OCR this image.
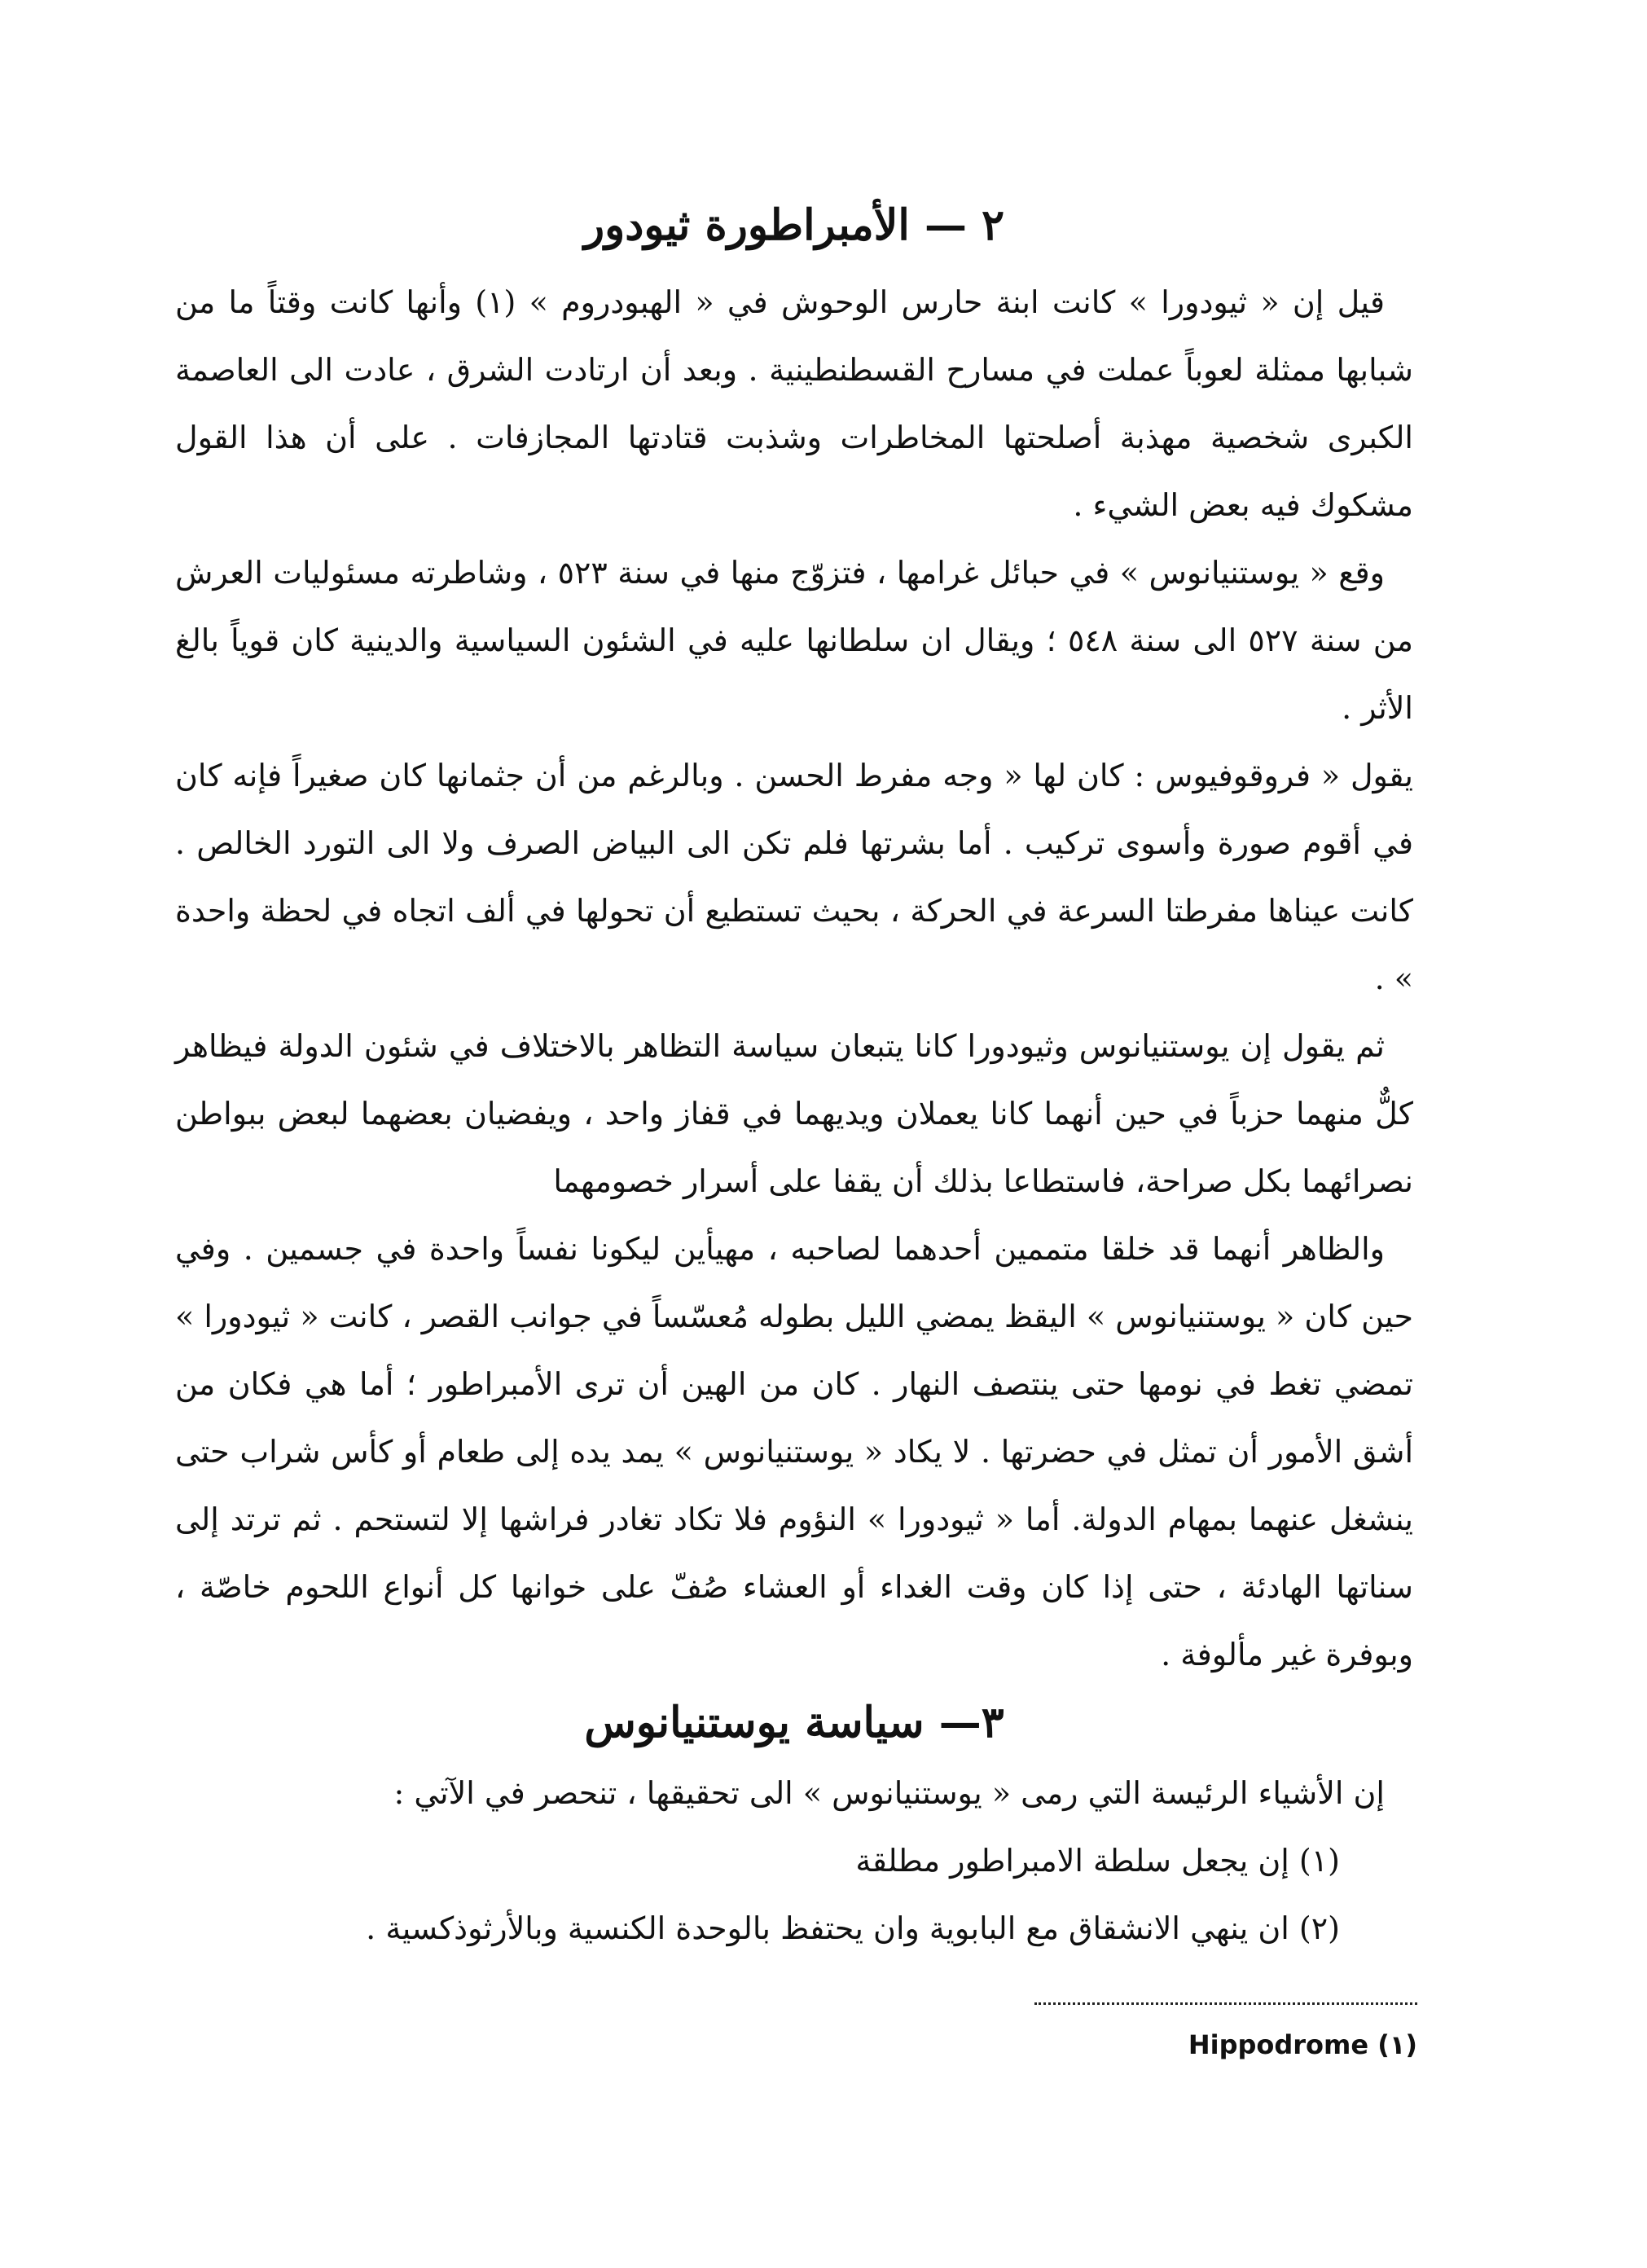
٢ — الأمبراطورة ثيودور

قيل إن « ثيودورا » كانت ابنة حارس الوحوش في « الهبودروم » (١) وأنها كانت وقتاً ما من شبابها ممثلة لعوباً عملت في مسارح القسطنطينية . وبعد أن ارتادت الشرق ، عادت الى العاصمة الكبرى شخصية مهذبة أصلحتها المخاطرات وشذبت قتادتها المجازفات . على أن هذا القول مشكوك فيه بعض الشيء .

وقع « يوستنيانوس » في حبائل غرامها ، فتزوّج منها في سنة ٥٢٣ ، وشاطرته مسئوليات العرش من سنة ٥٢٧ الى سنة ٥٤٨ ؛ ويقال ان سلطانها عليه في الشئون السياسية والدينية كان قوياً بالغ الأثر .

يقول « فروقوفيوس : كان لها « وجه مفرط الحسن . وبالرغم من أن جثمانها كان صغيراً فإنه كان في أقوم صورة وأسوى تركيب . أما بشرتها فلم تكن الى البياض الصرف ولا الى التورد الخالص . كانت عيناها مفرطتا السرعة في الحركة ، بحيث تستطيع أن تحولها في ألف اتجاه في لحظة واحدة » .

ثم يقول إن يوستنيانوس وثيودورا كانا يتبعان سياسة التظاهر بالاختلاف في شئون الدولة فيظاهر كلٌّ منهما حزباً في حين أنهما كانا يعملان ويديهما في قفاز واحد ، ويفضيان بعضهما لبعض ببواطن نصرائهما بكل صراحة، فاستطاعا بذلك أن يقفا على أسرار خصومهما

والظاهر أنهما قد خلقا متممين أحدهما لصاحبه ، مهيأين ليكونا نفساً واحدة في جسمين . وفي حين كان « يوستنيانوس » اليقظ يمضي الليل بطوله مُعسّساً في جوانب القصر ، كانت « ثيودورا » تمضي تغط في نومها حتى ينتصف النهار . كان من الهين أن ترى الأمبراطور ؛ أما هي فكان من أشق الأمور أن تمثل في حضرتها . لا يكاد « يوستنيانوس » يمد يده إلى طعام أو كأس شراب حتى ينشغل عنهما بمهام الدولة. أما « ثيودورا » النؤوم فلا تكاد تغادر فراشها إلا لتستحم . ثم ترتد إلى سناتها الهادئة ، حتى إذا كان وقت الغداء أو العشاء صُفّ على خوانها كل أنواع اللحوم خاصّة ، وبوفرة غير مألوفة .

٣— سياسة يوستنيانوس

إن الأشياء الرئيسة التي رمى « يوستنيانوس » الى تحقيقها ، تنحصر في الآتي :

(١) إن يجعل سلطة الامبراطور مطلقة

(٢) ان ينهي الانشقاق مع البابوية وان يحتفظ بالوحدة الكنسية وبالأرثوذكسية .

Hippodrome (١)
